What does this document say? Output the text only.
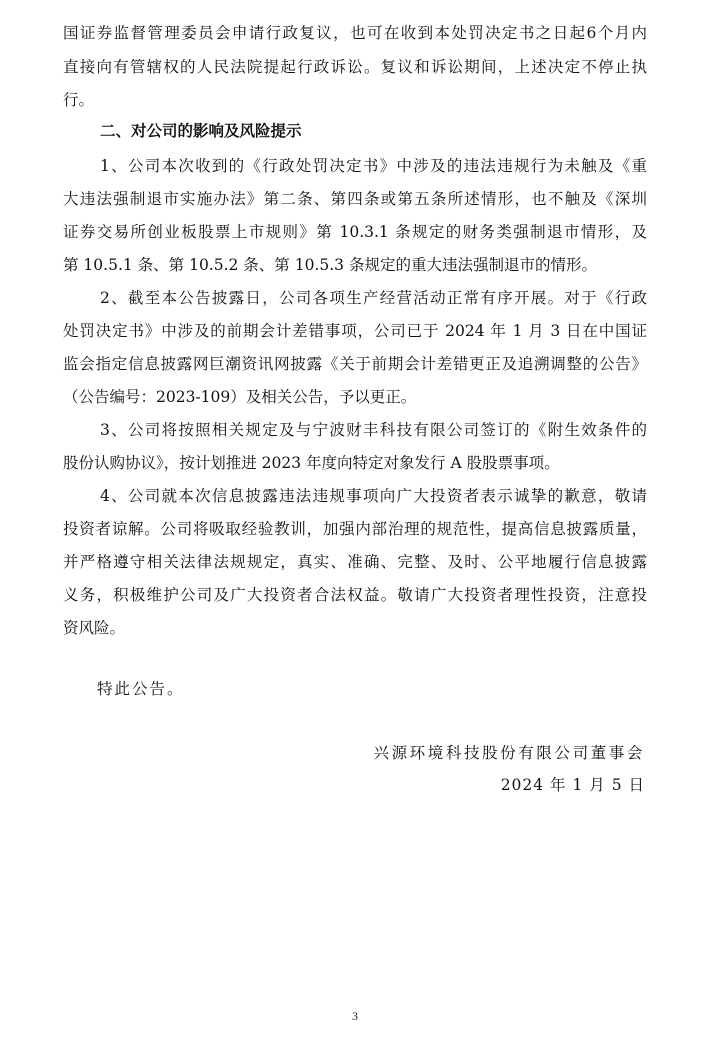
国证券监督管理委员会申请行政复议，也可在收到本处罚决定书之日起6个月内
直接向有管辖权的人民法院提起行政诉讼。复议和诉讼期间，上述决定不停止执
行。
二、对公司的影响及风险提示
1、公司本次收到的《行政处罚决定书》中涉及的违法违规行为未触及《重
大违法强制退市实施办法》第二条、第四条或第五条所述情形，也不触及《深圳
证券交易所创业板股票上市规则》第 10.3.1 条规定的财务类强制退市情形，及
第 10.5.1 条、第 10.5.2 条、第 10.5.3 条规定的重大违法强制退市的情形。
2、截至本公告披露日，公司各项生产经营活动正常有序开展。对于《行政
处罚决定书》中涉及的前期会计差错事项，公司已于 2024 年 1 月 3 日在中国证
监会指定信息披露网巨潮资讯网披露《关于前期会计差错更正及追溯调整的公告》
（公告编号：2023-109）及相关公告，予以更正。
3、公司将按照相关规定及与宁波财丰科技有限公司签订的《附生效条件的
股份认购协议》，按计划推进 2023 年度向特定对象发行 A 股股票事项。
4、公司就本次信息披露违法违规事项向广大投资者表示诚挚的歉意，敬请
投资者谅解。公司将吸取经验教训，加强内部治理的规范性，提高信息披露质量，
并严格遵守相关法律法规规定，真实、准确、完整、及时、公平地履行信息披露
义务，积极维护公司及广大投资者合法权益。敬请广大投资者理性投资，注意投
资风险。
特此公告。
兴源环境科技股份有限公司董事会
2024 年 1 月 5 日
3
